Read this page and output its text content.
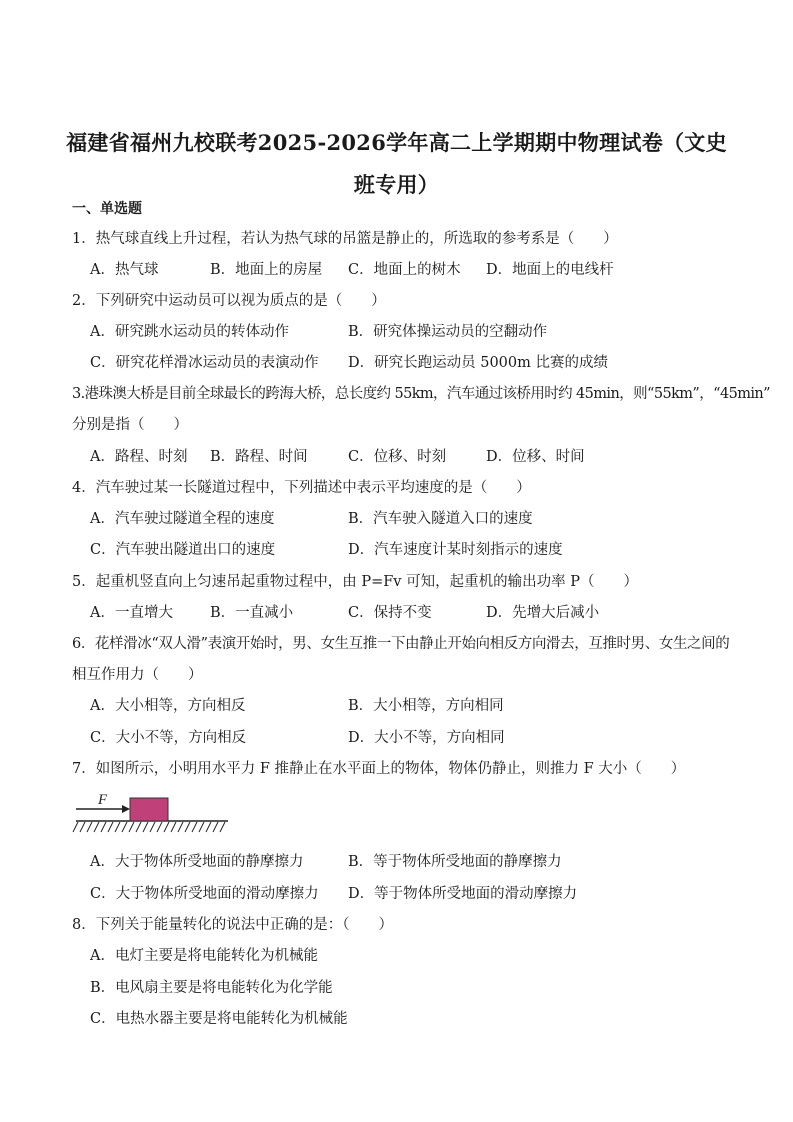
福建省福州九校联考2025-2026学年高二上学期期中物理试卷（文史班专用）
一、单选题
1．热气球直线上升过程，若认为热气球的吊篮是静止的，所选取的参考系是（　　）
A．热气球	B．地面上的房屋 C．地面上的树木 D．地面上的电线杆
2．下列研究中运动员可以视为质点的是（　　）
A．研究跳水运动员的转体动作	B．研究体操运动员的空翻动作
C．研究花样滑冰运动员的表演动作 D．研究长跑运动员 5000m 比赛的成绩
3.港珠澳大桥是目前全球最长的跨海大桥，总长度约 55km，汽车通过该桥用时约 45min，则“55km”，“45min”
分别是指（　　）
A．路程、时刻 B．路程、时间	C．位移、时刻	D．位移、时间
4．汽车驶过某一长隧道过程中，下列描述中表示平均速度的是（　　）
A．汽车驶过隧道全程的速度	B．汽车驶入隧道入口的速度
C．汽车驶出隧道出口的速度	D．汽车速度计某时刻指示的速度
5．起重机竖直向上匀速吊起重物过程中，由 P=Fv 可知，起重机的输出功率 P（　　）
A．一直增大	B．一直减小	C．保持不变	D．先增大后减小
6．花样滑冰“双人滑”表演开始时，男、女生互推一下由静止开始向相反方向滑去，互推时男、女生之间的
相互作用力（　　）
A．大小相等，方向相反	B．大小相等，方向相同
C．大小不等，方向相反	D．大小不等，方向相同
7．如图所示，小明用水平力 F 推静止在水平面上的物体，物体仍静止，则推力 F 大小（　　）
F
A．大于物体所受地面的静摩擦力	B．等于物体所受地面的静摩擦力
C．大于物体所受地面的滑动摩擦力 D．等于物体所受地面的滑动摩擦力
8．下列关于能量转化的说法中正确的是：（　　）
A．电灯主要是将电能转化为机械能
B．电风扇主要是将电能转化为化学能
C．电热水器主要是将电能转化为机械能
